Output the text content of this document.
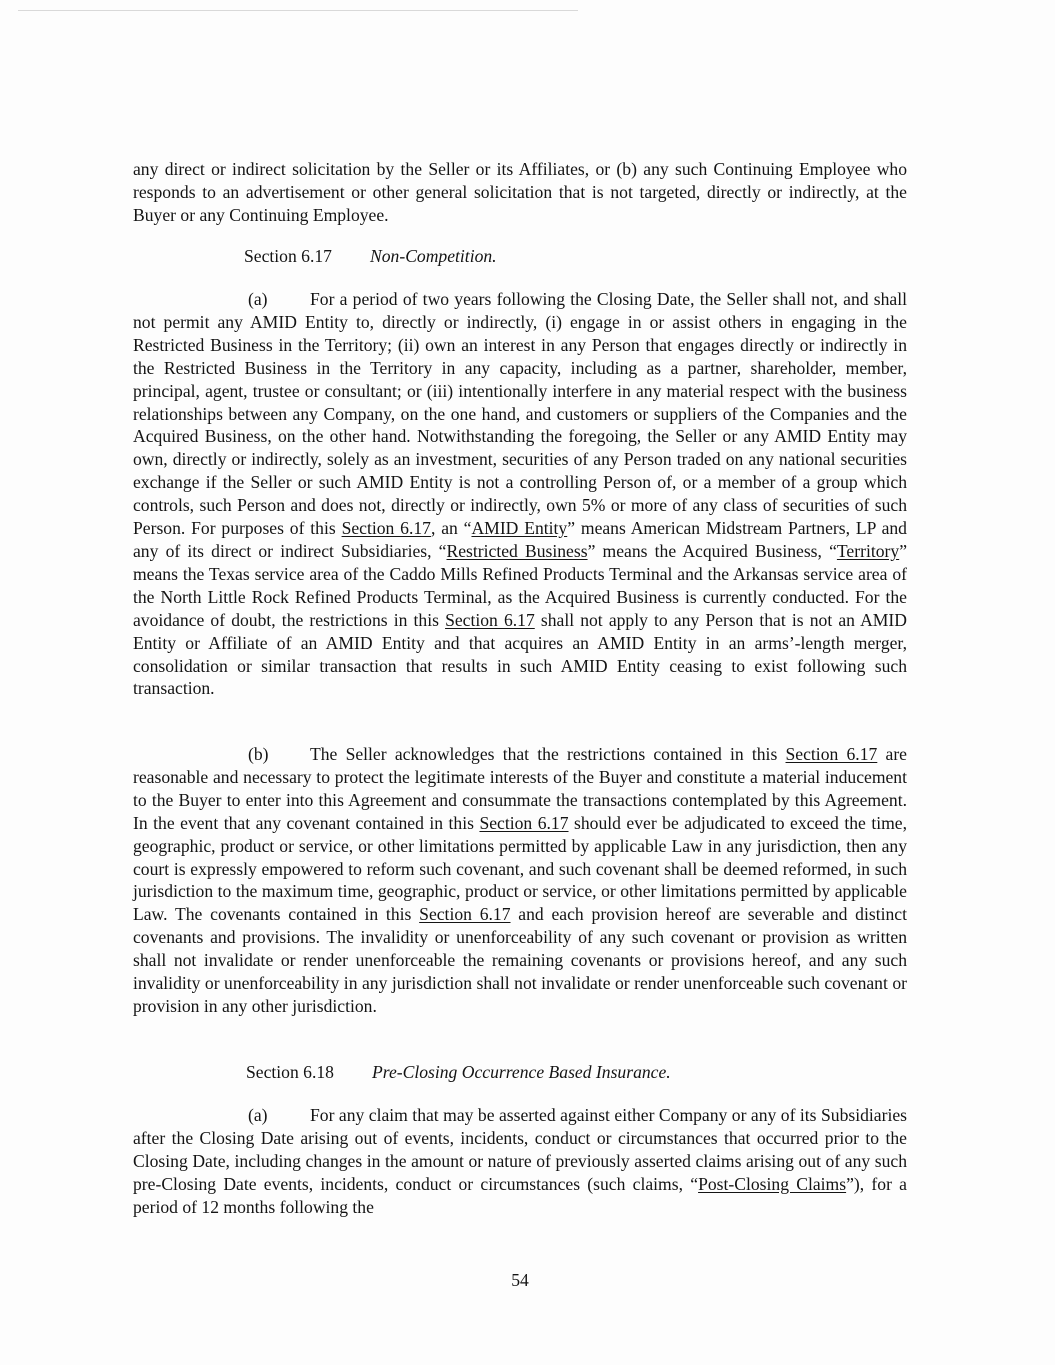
any direct or indirect solicitation by the Seller or its Affiliates, or (b) any such Continuing Employee who responds to an advertisement or other general solicitation that is not targeted, directly or indirectly, at the Buyer or any Continuing Employee.

Section 6.17 Non-Competition.

(a) For a period of two years following the Closing Date, the Seller shall not, and shall not permit any AMID Entity to, directly or indirectly, (i) engage in or assist others in engaging in the Restricted Business in the Territory; (ii) own an interest in any Person that engages directly or indirectly in the Restricted Business in the Territory in any capacity, including as a partner, shareholder, member, principal, agent, trustee or consultant; or (iii) intentionally interfere in any material respect with the business relationships between any Company, on the one hand, and customers or suppliers of the Companies and the Acquired Business, on the other hand. Notwithstanding the foregoing, the Seller or any AMID Entity may own, directly or indirectly, solely as an investment, securities of any Person traded on any national securities exchange if the Seller or such AMID Entity is not a controlling Person of, or a member of a group which controls, such Person and does not, directly or indirectly, own 5% or more of any class of securities of such Person. For purposes of this Section 6.17, an “AMID Entity” means American Midstream Partners, LP and any of its direct or indirect Subsidiaries, “Restricted Business” means the Acquired Business, “Territory” means the Texas service area of the Caddo Mills Refined Products Terminal and the Arkansas service area of the North Little Rock Refined Products Terminal, as the Acquired Business is currently conducted. For the avoidance of doubt, the restrictions in this Section 6.17 shall not apply to any Person that is not an AMID Entity or Affiliate of an AMID Entity and that acquires an AMID Entity in an arms’-length merger, consolidation or similar transaction that results in such AMID Entity ceasing to exist following such transaction.

(b) The Seller acknowledges that the restrictions contained in this Section 6.17 are reasonable and necessary to protect the legitimate interests of the Buyer and constitute a material inducement to the Buyer to enter into this Agreement and consummate the transactions contemplated by this Agreement. In the event that any covenant contained in this Section 6.17 should ever be adjudicated to exceed the time, geographic, product or service, or other limitations permitted by applicable Law in any jurisdiction, then any court is expressly empowered to reform such covenant, and such covenant shall be deemed reformed, in such jurisdiction to the maximum time, geographic, product or service, or other limitations permitted by applicable Law. The covenants contained in this Section 6.17 and each provision hereof are severable and distinct covenants and provisions. The invalidity or unenforceability of any such covenant or provision as written shall not invalidate or render unenforceable the remaining covenants or provisions hereof, and any such invalidity or unenforceability in any jurisdiction shall not invalidate or render unenforceable such covenant or provision in any other jurisdiction.

Section 6.18 Pre-Closing Occurrence Based Insurance.

(a) For any claim that may be asserted against either Company or any of its Subsidiaries after the Closing Date arising out of events, incidents, conduct or circumstances that occurred prior to the Closing Date, including changes in the amount or nature of previously asserted claims arising out of any such pre-Closing Date events, incidents, conduct or circumstances (such claims, “Post-Closing Claims”), for a period of 12 months following the

54
